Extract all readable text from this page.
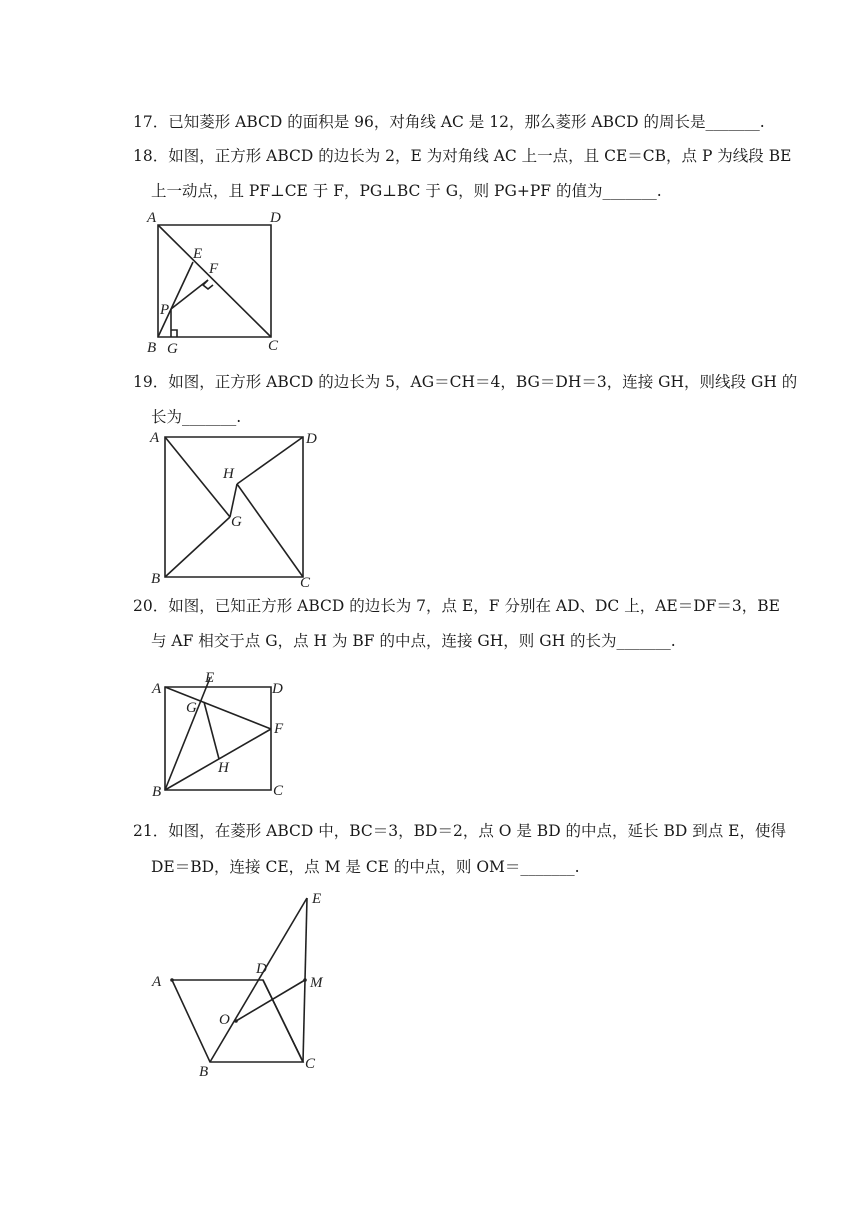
17．已知菱形 ABCD 的面积是 96，对角线 AC 是 12，那么菱形 ABCD 的周长是_______.
18．如图，正方形 ABCD 的边长为 2，E 为对角线 AC 上一点，且 CE＝CB，点 P 为线段 BE
上一动点，且 PF⊥CE 于 F，PG⊥BC 于 G，则 PG+PF 的值为_______.
A	D
E
F
P
B G	C
19．如图，正方形 ABCD 的边长为 5，AG＝CH＝4，BG＝DH＝3，连接 GH，则线段 GH 的
长为_______.
A	D
H
G
B	C
20．如图，已知正方形 ABCD 的边长为 7，点 E，F 分别在 AD、DC 上，AE＝DF＝3，BE
与 AF 相交于点 G，点 H 为 BF 的中点，连接 GH，则 GH 的长为_______.
A
E
D
G
F
H
B	C
21．如图，在菱形 ABCD 中，BC＝3，BD＝2，点 O 是 BD 的中点，延长 BD 到点 E，使得
DE＝BD，连接 CE，点 M 是 CE 的中点，则 OM＝_______.
A
D
E
M
O
B	C
